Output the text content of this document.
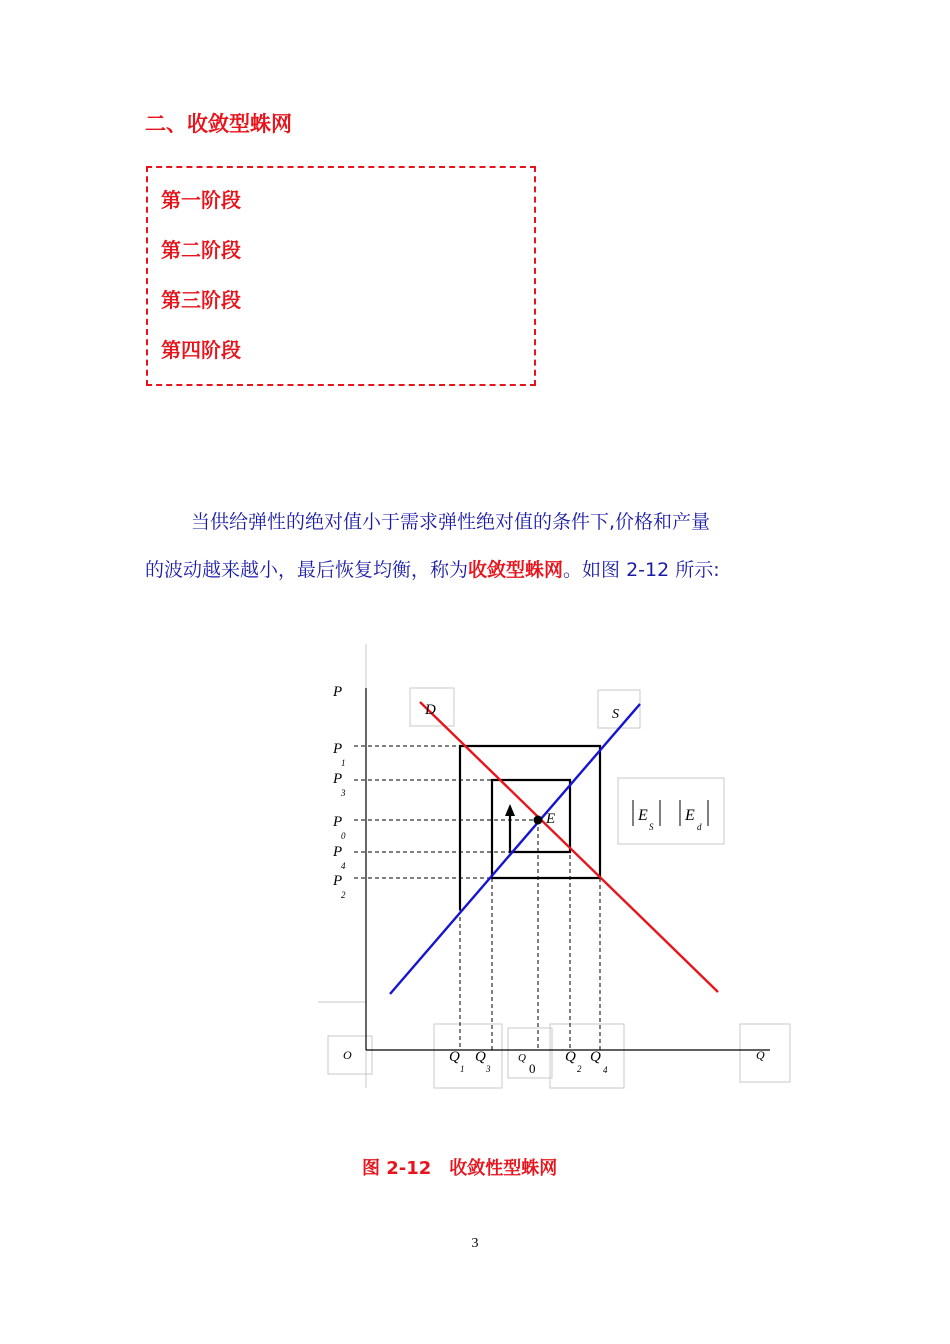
二、收敛型蛛网
第一阶段
第二阶段
第三阶段
第四阶段
当供给弹性的绝对值小于需求弹性绝对值的条件下,价格和产量
的波动越来越小，最后恢复均衡，称为收敛型蛛网。如图 2-12 所示:
P
D	S
E
P
1
P
3
P
0
P
4
P
2
O	Q
Q
1
Q
3
Q
0
Q
2
Q
4
E
S
E
d
图 2-12　收敛性型蛛网
3
